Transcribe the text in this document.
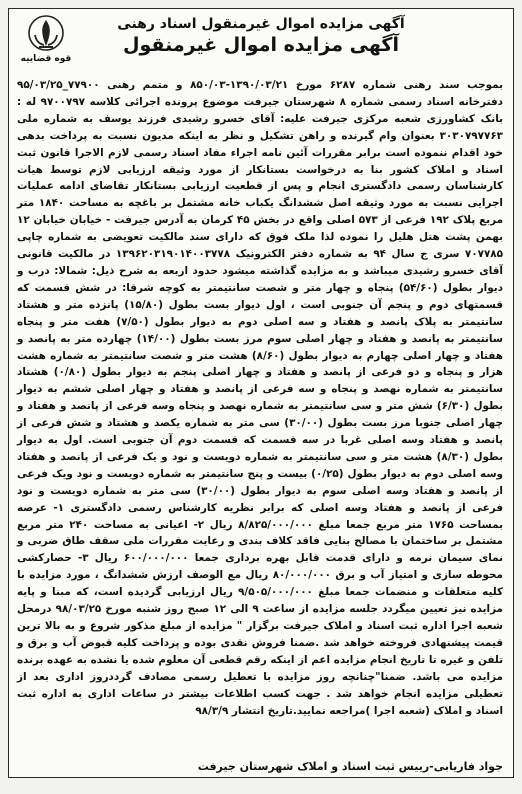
آگهی مزایده اموال غیرمنقول اسناد رهنی
آگهی مزایده اموال غیرمنقول
قوه قضاییه

بموجب سند رهنی شماره ۶۲۸۷ مورخ ۱۳۹۰/۰۳/۲۱-۸۵۰/۰۳ و متمم رهنی ۷۷۹۰۰_۹۵/۰۳/۲۵ دفترخانه اسناد رسمی شماره ۸ شهرستان جیرفت موضوع پرونده اجرائی کلاسه ۹۷۰۰۷۹۷ له : بانک کشاورزی شعبه مرکزی جیرفت علیه: آقای خسرو رشیدی فرزند یوسف به شماره ملی ۳۰۳۰۷۹۷۷۶۳ بعنوان وام گیرنده و راهن تشکیل و نظر به اینکه مدیون نسبت به پرداخت بدهی خود اقدام ننموده است برابر مقررات آئین نامه اجراء مفاد اسناد رسمی لازم الاجرا قانون ثبت اسناد و املاک کشور بنا به درخواست بستانکار از مورد وثیقه ارزیابی لازم توسط هیات کارشناسان رسمی دادگستری انجام و پس از قطعیت ارزیابی بستانکار تقاضای ادامه عملیات اجرایی نسبت به مورد وثیقه اصل ششدانگ یکباب خانه مشتمل بر باغچه به مساحت ۱۸۴۰ متر مربع پلاک ۱۹۲ فرعی از ۵۷۳ اصلی واقع در بخش ۴۵ کرمان به آدرس جیرفت - خیابان خیابان ۱۲ بهمن پشت هتل هلیل را نموده لذا ملک فوق که دارای سند مالکیت تعویضی به شماره چاپی ۷۰۷۷۸۵ سری ج سال ۹۴ به شماره دفتر الکترونیک ۱۳۹۶۲۰۳۱۹۰۱۴۰۰۳۷۷۸ در مالکیت قانونی آقای خسرو رشیدی میباشد و به مزایده گذاشته میشود حدود اربعه به شرح ذیل: شمالا: درب و دیوار بطول (۵۴/۶۰) پنجاه و چهار متر و شصت سانتیمتر به کوچه شرقا: در شش قسمت که قسمتهای دوم و پنجم آن جنوبی است ، اول دیوار بست بطول (۱۵/۸۰) پانزده متر و هشتاد سانتیمتر به پلاک پانصد و هفتاد و سه اصلی دوم به دیوار بطول (۷/۵۰) هفت متر و پنجاه سانتیمتر به پانصد و هفتاد و چهار اصلی سوم مرز بست بطول (۱۴/۰۰) چهارده متر به پانصد و هفتاد و چهار اصلی چهارم به دیوار بطول (۸/۶۰) هشت متر و شصت سانتیمتر به شماره هشت هزار و پنجاه و دو فرعی از پانصد و هفتاد و چهار اصلی پنجم به دیوار بطول (۰/۸۰) هشتاد سانتیمتر به شماره نهصد و پنجاه و سه فرعی از پانصد و هفتاد و چهار اصلی ششم به دیوار بطول (۶/۳۰) شش متر و سی سانتیمتر به شماره نهصد و پنجاه وسه فرعی از پانصد و هفتاد و چهار اصلی جنوبا مرز بست بطول (۳۰/۰۰) سی متر به شماره یکصد و هشتاد و شش فرعی از پانصد و هفتاد وسه اصلی غربا در سه قسمت که قسمت دوم آن جنوبی است. اول به دیوار بطول (۸/۳۰) هشت متر و سی سانتیمتر به شماره دویست و نود و یک فرعی از پانصد و هفتاد وسه اصلی دوم به دیوار بطول (۰/۲۵) بیست و پنج سانتیمتر به شماره دویست و نود ویک فرعی از پانصد و هفتاد وسه اصلی سوم به دیوار بطول (۳۰/۰۰) سی متر به شماره دویست و نود فرعی از پانصد و هفتاد وسه اصلی که برابر نظریه کارشناس رسمی دادگستری ۱- عرصه بمساحت ۱۷۶۵ متر مربع جمعا مبلغ ۸/۸۲۵/۰۰۰/۰۰۰ ریال ۲- اعیانی به مساحت ۲۴۰ متر مربع مشتمل بر ساختمان با مصالح بنایی فاقد کلاف بندی و رعایت مقررات ملی سقف طاق ضربی و نمای سیمان نرمه و دارای قدمت قابل بهره برداری جمعا ۶۰۰/۰۰۰/۰۰۰ ریال ۳- حصارکشی محوطه سازی و امتیاز آب و برق ۸۰/۰۰۰/۰۰۰ ریال مع الوصف ارزش ششدانگ ، مورد مزایده با کلیه متعلقات و منضمات جمعا مبلغ ۹/۵۰۵/۰۰۰/۰۰۰ ریال ارزیابی گردیده است، که مبنا و پایه مزایده نیز تعیین میگردد جلسه مزایده از ساعت ۹ الی ۱۲ صبح روز شنبه مورخ ۹۸/۰۳/۲۵ درمحل شعبه اجرا اداره ثبت اسناد و املاک جیرفت برگزار " مزایده از مبلغ مذکور شروع و به بالا ترین قیمت پیشنهادی فروخته خواهد شد .ضمنا فروش نقدی بوده و پرداخت کلیه قبوض آب و برق و تلفن و غیره تا تاریخ انجام مزایده اعم از اینکه رقم قطعی آن معلوم شده یا نشده به عهده برنده مزایده می باشد. ضمنا"چنانچه روز مزایده با تعطیل رسمی مصادف گرددروز اداری بعد از تعطیلی مزایده انجام خواهد شد . جهت کسب اطلاعات بیشتر در ساعات اداری به اداره ثبت اسناد و املاک (شعبه اجرا )مراجعه نمایید.تاریخ انتشار ۹۸/۳/۹

جواد فاریابی-رییس ثبت اسناد و املاک شهرستان جیرفت
